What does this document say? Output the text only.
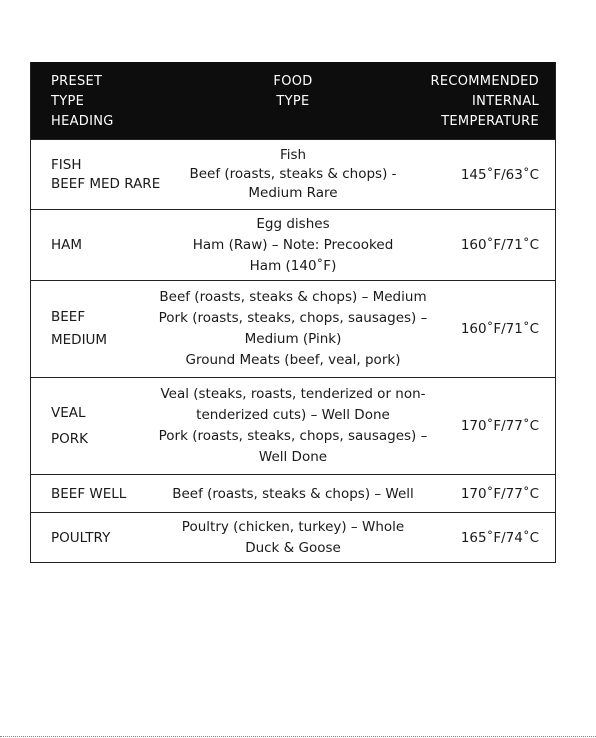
PRESET
TYPE
HEADING
FOOD
TYPE
RECOMMENDED
INTERNAL
TEMPERATURE
FISH
BEEF MED RARE
Fish
Beef (roasts, steaks & chops) -
Medium Rare
145˚F/63˚C
HAM
Egg dishes
Ham (Raw) – Note: Precooked
Ham (140˚F)
160˚F/71˚C
BEEF
MEDIUM
Beef (roasts, steaks & chops) – Medium
Pork (roasts, steaks, chops, sausages) –
Medium (Pink)
Ground Meats (beef, veal, pork)
160˚F/71˚C
VEAL
PORK
Veal (steaks, roasts, tenderized or non-
tenderized cuts) – Well Done
Pork (roasts, steaks, chops, sausages) –
Well Done
170˚F/77˚C
BEEF WELL	Beef (roasts, steaks & chops) – Well	170˚F/77˚C
POULTRY
Poultry (chicken, turkey) – Whole
Duck & Goose
165˚F/74˚C
